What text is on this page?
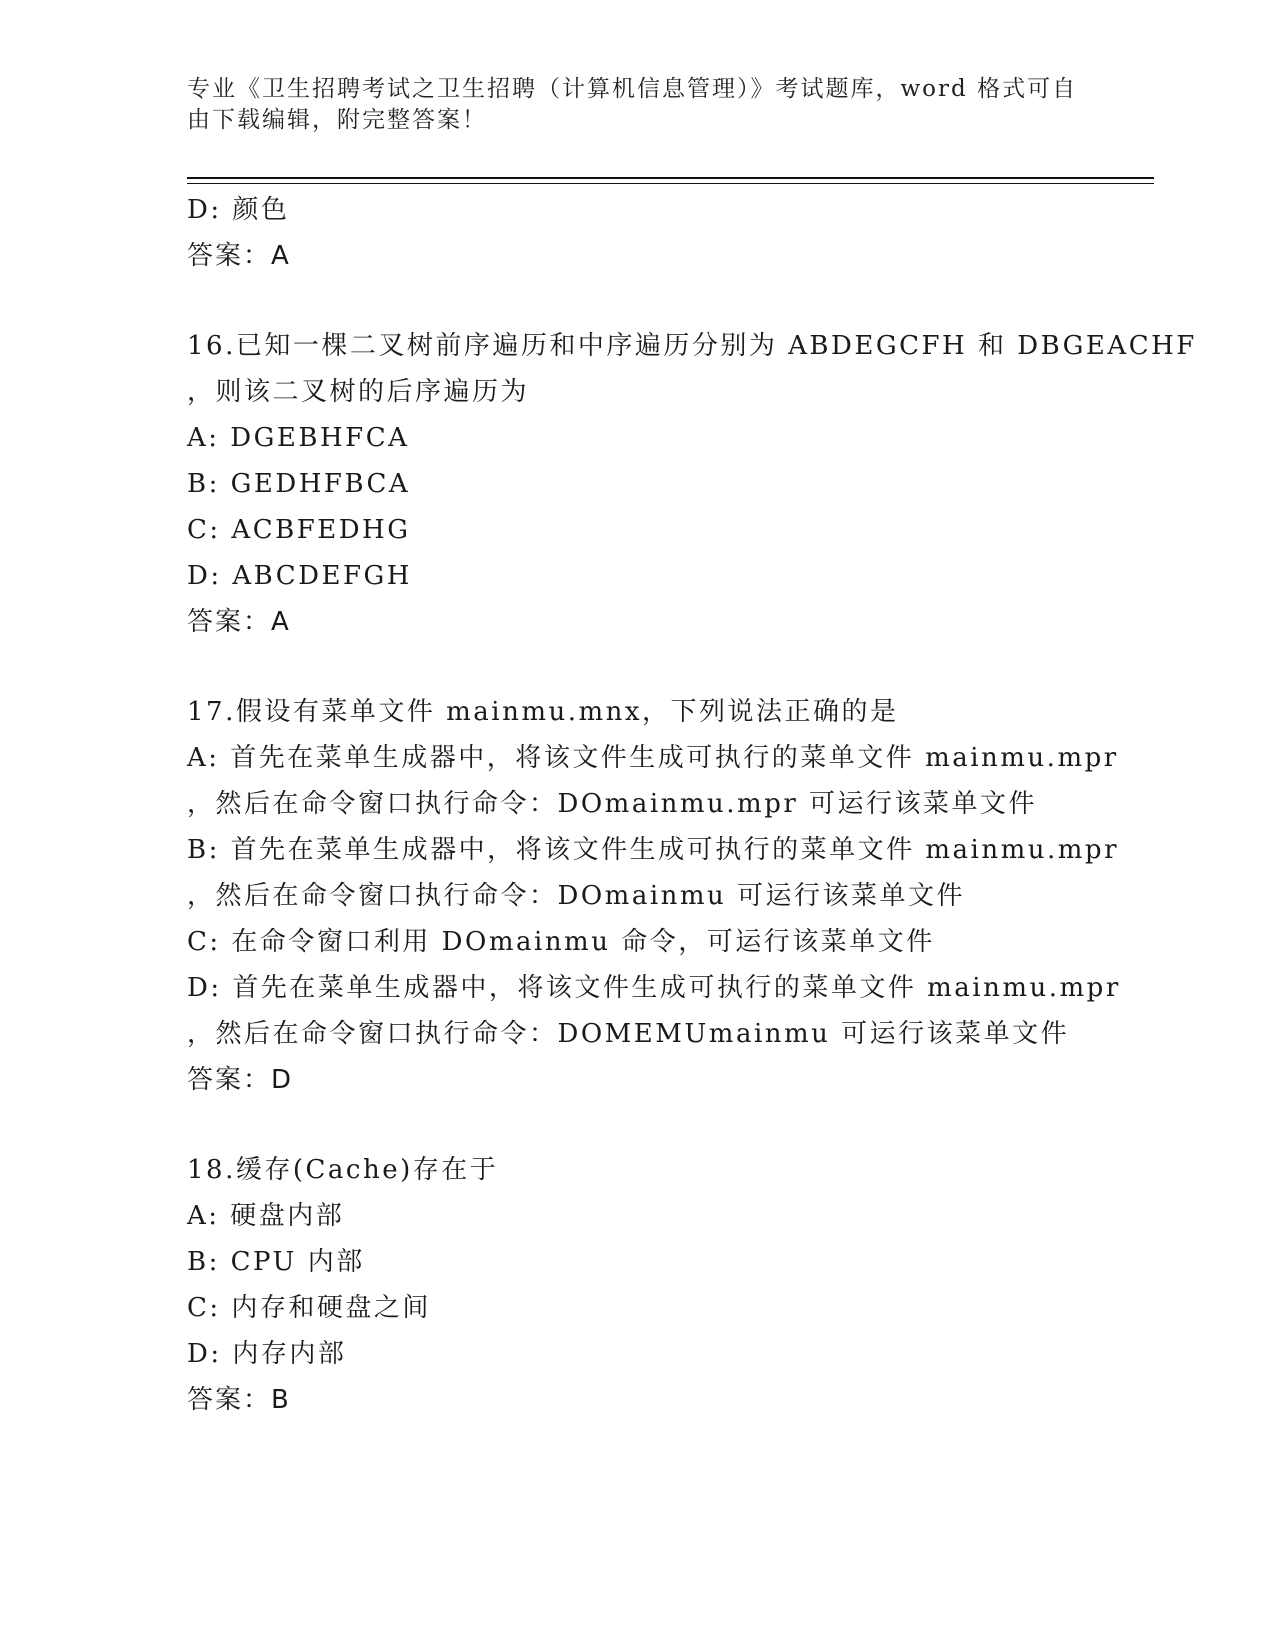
专业《卫生招聘考试之卫生招聘（计算机信息管理）》考试题库，word 格式可自
由下载编辑，附完整答案！
D: 颜色
答案：A
16.已知一棵二叉树前序遍历和中序遍历分别为 ABDEGCFH 和 DBGEACHF
，则该二叉树的后序遍历为
A: DGEBHFCA
B: GEDHFBCA
C: ACBFEDHG
D: ABCDEFGH
答案：A
17.假设有菜单文件 mainmu.mnx，下列说法正确的是
A: 首先在菜单生成器中，将该文件生成可执行的菜单文件 mainmu.mpr
，然后在命令窗口执行命令：DOmainmu.mpr 可运行该菜单文件
B: 首先在菜单生成器中，将该文件生成可执行的菜单文件 mainmu.mpr
，然后在命令窗口执行命令：DOmainmu 可运行该菜单文件
C: 在命令窗口利用 DOmainmu 命令，可运行该菜单文件
D: 首先在菜单生成器中，将该文件生成可执行的菜单文件 mainmu.mpr
，然后在命令窗口执行命令：DOMEMUmainmu 可运行该菜单文件
答案：D
18.缓存(Cache)存在于
A: 硬盘内部
B: CPU 内部
C: 内存和硬盘之间
D: 内存内部
答案：B
